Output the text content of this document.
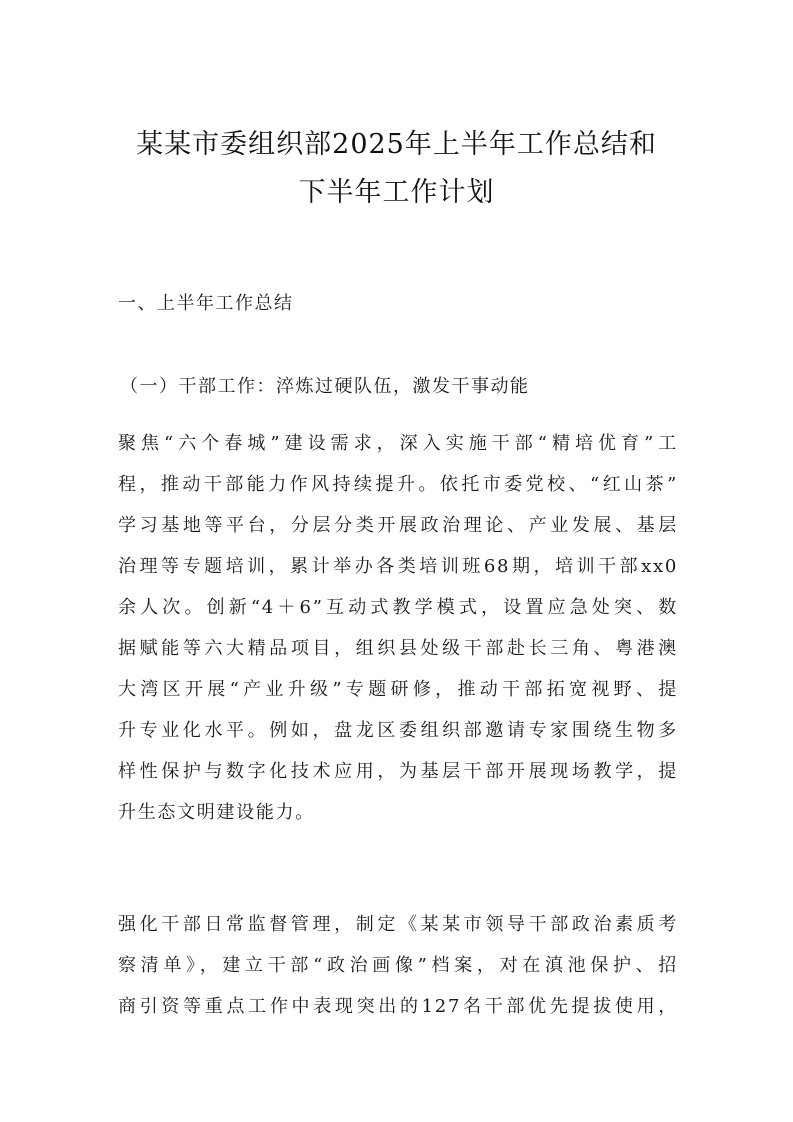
某某市委组织部2025年上半年工作总结和
下半年工作计划
一、上半年工作总结
（一）干部工作：淬炼过硬队伍，激发干事动能
聚焦“六个春城”建设需求，深入实施干部“精培优育”工
程，推动干部能力作风持续提升。依托市委党校、“红山茶”
学习基地等平台，分层分类开展政治理论、产业发展、基层
治理等专题培训，累计举办各类培训班68期，培训干部xx0
余人次。创新“4＋6”互动式教学模式，设置应急处突、数
据赋能等六大精品项目，组织县处级干部赴长三角、粤港澳
大湾区开展“产业升级”专题研修，推动干部拓宽视野、提
升专业化水平。例如，盘龙区委组织部邀请专家围绕生物多
样性保护与数字化技术应用，为基层干部开展现场教学，提
升生态文明建设能力。
强化干部日常监督管理，制定《某某市领导干部政治素质考
察清单》，建立干部“政治画像”档案，对在滇池保护、招
商引资等重点工作中表现突出的127名干部优先提拔使用，
